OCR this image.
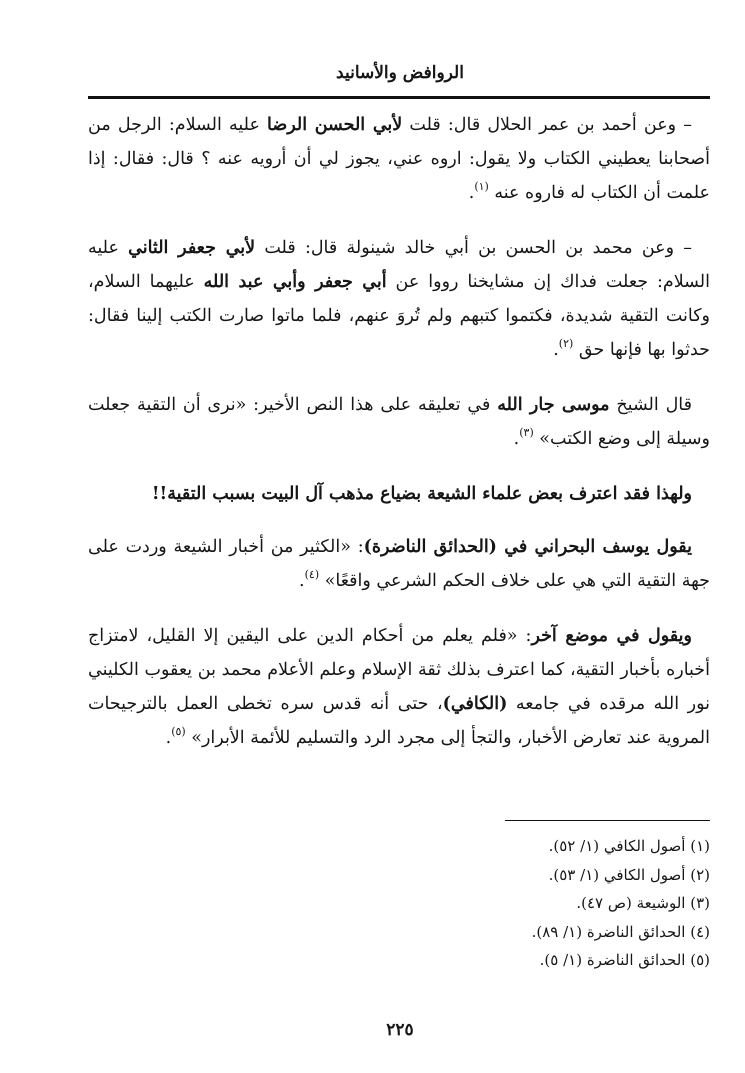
الروافض والأسانيد

– وعن أحمد بن عمر الحلال قال: قلت لأبي الحسن الرضا عليه السلام: الرجل من أصحابنا يعطيني الكتاب ولا يقول: اروه عني، يجوز لي أن أرويه عنه ؟ قال: فقال: إذا علمت أن الكتاب له فاروه عنه $^{(١)}$.

– وعن محمد بن الحسن بن أبي خالد شينولة قال: قلت لأبي جعفر الثاني عليه السلام: جعلت فداك إن مشايخنا رووا عن أبي جعفر وأبي عبد الله عليهما السلام، وكانت التقية شديدة، فكتموا كتبهم ولم تُروَ عنهم، فلما ماتوا صارت الكتب إلينا فقال: حدثوا بها فإنها حق $^{(٢)}$.

قال الشيخ موسى جار الله في تعليقه على هذا النص الأخير: «نرى أن التقية جعلت وسيلة إلى وضع الكتب» $^{(٣)}$.

ولهذا فقد اعترف بعض علماء الشيعة بضياع مذهب آل البيت بسبب التقية!!

يقول يوسف البحراني في (الحدائق الناضرة): «الكثير من أخبار الشيعة وردت على جهة التقية التي هي على خلاف الحكم الشرعي واقعًا» $^{(٤)}$.

ويقول في موضع آخر: «فلم يعلم من أحكام الدين على اليقين إلا القليل، لامتزاج أخباره بأخبار التقية، كما اعترف بذلك ثقة الإسلام وعلم الأعلام محمد بن يعقوب الكليني نور الله مرقده في جامعه (الكافي)، حتى أنه قدس سره تخطى العمل بالترجيحات المروية عند تعارض الأخبار، والتجأ إلى مجرد الرد والتسليم للأئمة الأبرار» $^{(٥)}$.

(١) أصول الكافي (١/ ٥٢).
(٢) أصول الكافي (١/ ٥٣).
(٣) الوشيعة (ص ٤٧).
(٤) الحدائق الناضرة (١/ ٨٩).
(٥) الحدائق الناضرة (١/ ٥).
٢٢٥
